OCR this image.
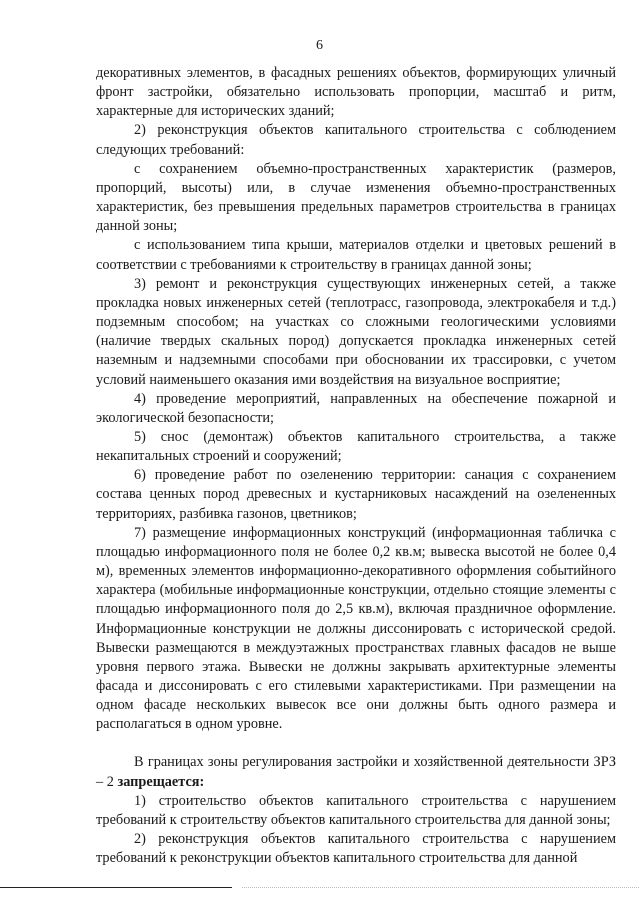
6

декоративных элементов, в фасадных решениях объектов, формирующих уличный фронт застройки, обязательно использовать пропорции, масштаб и ритм, характерные для исторических зданий;

2) реконструкция объектов капитального строительства с соблюдением следующих требований:

с сохранением объемно-пространственных характеристик (размеров, пропорций, высоты) или, в случае изменения объемно-пространственных характеристик, без превышения предельных параметров строительства в границах данной зоны;

с использованием типа крыши, материалов отделки и цветовых решений в соответствии с требованиями к строительству в границах данной зоны;

3) ремонт и реконструкция существующих инженерных сетей, а также прокладка новых инженерных сетей (теплотрасс, газопровода, электрокабеля и т.д.) подземным способом; на участках со сложными геологическими условиями (наличие твердых скальных пород) допускается прокладка инженерных сетей наземным и надземными способами при обосновании их трассировки, с учетом условий наименьшего оказания ими воздействия на визуальное восприятие;

4) проведение мероприятий, направленных на обеспечение пожарной и экологической безопасности;

5) снос (демонтаж) объектов капитального строительства, а также некапитальных строений и сооружений;

6) проведение работ по озеленению территории: санация с сохранением состава ценных пород древесных и кустарниковых насаждений на озелененных территориях, разбивка газонов, цветников;

7) размещение информационных конструкций (информационная табличка с площадью информационного поля не более 0,2 кв.м; вывеска высотой не более 0,4 м), временных элементов информационно-декоративного оформления событийного характера (мобильные информационные конструкции, отдельно стоящие элементы с площадью информационного поля до 2,5 кв.м), включая праздничное оформление. Информационные конструкции не должны диссонировать с исторической средой. Вывески размещаются в междуэтажных пространствах главных фасадов не выше уровня первого этажа. Вывески не должны закрывать архитектурные элементы фасада и диссонировать с его стилевыми характеристиками. При размещении на одном фасаде нескольких вывесок все они должны быть одного размера и располагаться в одном уровне.

В границах зоны регулирования застройки и хозяйственной деятельности ЗРЗ – 2 запрещается:

1) строительство объектов капитального строительства с нарушением требований к строительству объектов капитального строительства для данной зоны;

2) реконструкция объектов капитального строительства с нарушением требований к реконструкции объектов капитального строительства для данной
